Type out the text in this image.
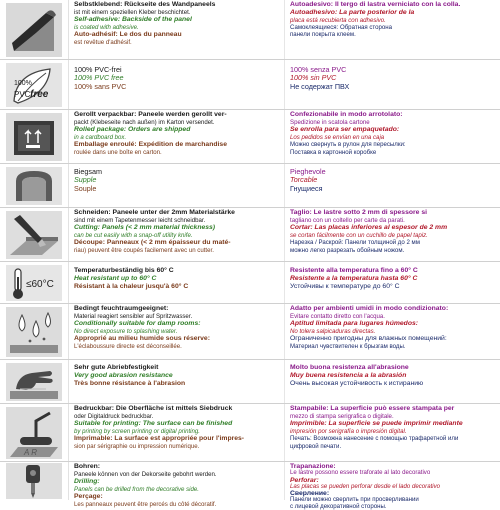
Selbstklebend: Rückseite des Wandpaneels
ist mit einem speziellen Kleber beschichtet.
Self-adhesive: Backside of the panel
is coated with adhesive.
Auto-adhésif: Le dos du panneau
est revêtue d'adhésif.
Autoadesivo: Il tergo di lastra verniciato con la colla.
Autoadhesivo: La parte posterior de la
placa está recubierta con adhesivo.
Самоклеящиеся: Обратная сторона
панели покрыта клеем.
100%
PVC free
100% PVC-frei
100% PVC free
100% sans PVC
100% senza PVC
100% sin PVC
Не содержат ПВХ
Gerollt verpackbar: Paneele werden gerollt ver-
packt (Klebeseite nach außen) im Karton versendet.
Rolled package: Orders are shipped
in a cardboard box.
Emballage enroulé: Expédition de marchandise
roulée dans une boîte en carton.
Confezionabile in modo arrotolato:
Spedizione in scatola cartone
Se enrolla para ser empaquetado:
Los pedidos se envían en una caja
Можно свернуть в рулон для пересылки:
Поставка в картонной коробке
Biegsam
Supple
Souple
Pieghevole
Torcable
Гнущиеся
Schneiden: Paneele unter der 2mm Materialstärke
sind mit einem Tapetenmesser leicht schneidbar.
Cutting: Panels (< 2 mm material thickness)
can be cut easily with a snap-off utility knife.
Découpe: Panneaux (< 2 mm épaisseur du maté-
riau) peuvent être coupés facilement avec un cutter.
Taglio: Le lastre sotto 2 mm di spessore si
tagliano con un coltello per carte da parati.
Cortar: Las placas inferiores al espesor de 2 mm
se cortan fácilmente con un cuchillo de papel tapiz.
Нарезка / Раскрой: Панели толщиной до 2 мм
можно легко разрезать обойным ножом.
≤60°C
Temperaturbeständig bis 60° C
Heat resistant up to 60° C
Résistant à la chaleur jusqu'à 60° C
Resistente alla temperatura fino a 60° C
Resistente a la temperatura hasta 60° C
Устойчивы к температуре до 60° C
Bedingt feuchtraumgeeignet:
Material reagiert sensibler auf Spritzwasser.
Conditionally suitable for damp rooms:
No direct exposure to splashing water.
Approprié au milieu humide sous réserve:
L'éclaboussure directe est déconseillée.
Adatto per ambienti umidi in modo condizionato:
Evitare contatto diretto con l'acqua.
Aptitud limitada para lugares húmedos:
No tolera salpicaduras directas.
Ограниченно пригодны для влажных помещений:
Материал чувствителен к брызгам воды.
Sehr gute Abriebfestigkeit
Very good abrasion resistance
Très bonne résistance à l'abrasion
Molto buona resistenza all'abrasione
Muy buena resistencia a la abrasión
Очень высокая устойчивость к истиранию
A R
Bedruckbar: Die Oberfläche ist mittels Siebdruck
oder Digitaldruck bedruckbar.
Suitable for printing: The surface can be finished
by printing by screen printing or digital printing.
Imprimable: La surface est appropriée pour l'impres-
sion par sérigraphie ou impression numérique.
Stampabile: La superficie può essere stampata per
mezzo di stampa serigrafica o digitale.
Imprimible: La superficie se puede imprimir mediante
impresión por serigrafía o impresión digital.
Печать: Возможна нанесение с помощью трафаретной или
цифровой печати.
Bohren:
Paneele können von der Dekorseite gebohrt werden.
Drilling:
Panels can be drilled from the decorative side.
Perçage:
Les panneaux peuvent être percés du côté décoratif.
Trapanazione:
Le lastre possono essere traforate al lato decorativo
Perforar:
Las placas se pueden perforar desde el lado decorativo
Сверление:
Панели можно сверлить при просверливании
с лицевой декоративной стороны.
